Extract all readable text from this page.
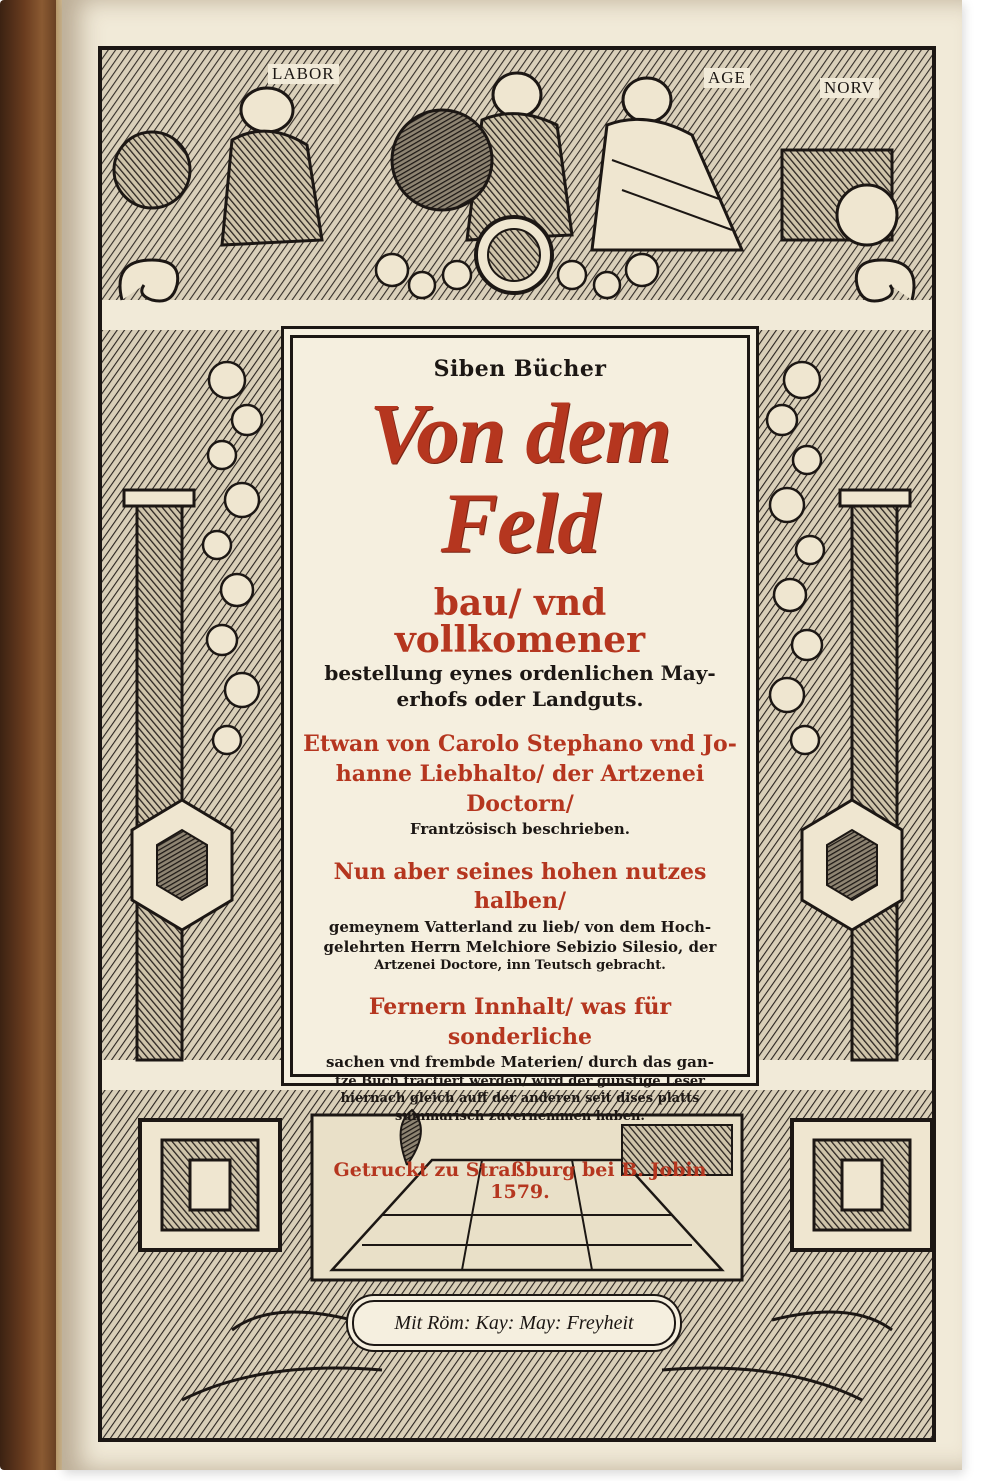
LABOR	AGE
NORV
Siben Bücher
Von dem Feld
bau/ vnd vollkomener
bestellung eynes ordenlichen May-
erhofs oder Landguts.
Etwan von Carolo Stephano vnd Jo-
hanne Liebhalto/ der Artzenei Doctorn/
Frantzösisch beschrieben.
Nun aber seines hohen nutzes halben/
gemeynem Vatterland zu lieb/ von dem Hoch-
gelehrten Herrn Melchiore Sebizio Silesio, der
Artzenei Doctore, inn Teutsch gebracht.
Fernern Innhalt/ was für sonderliche
sachen vnd frembde Materien/ durch das gan-
tze Buch tractiert werden/ wird der günstige Leser
hiernach gleich auff der anderen seit dises platts
summarisch zuvernemmen haben.
Getruckt zu Straßburg bei B. Jobin 1579.
Mit Röm: Kay: May: Freyheit
